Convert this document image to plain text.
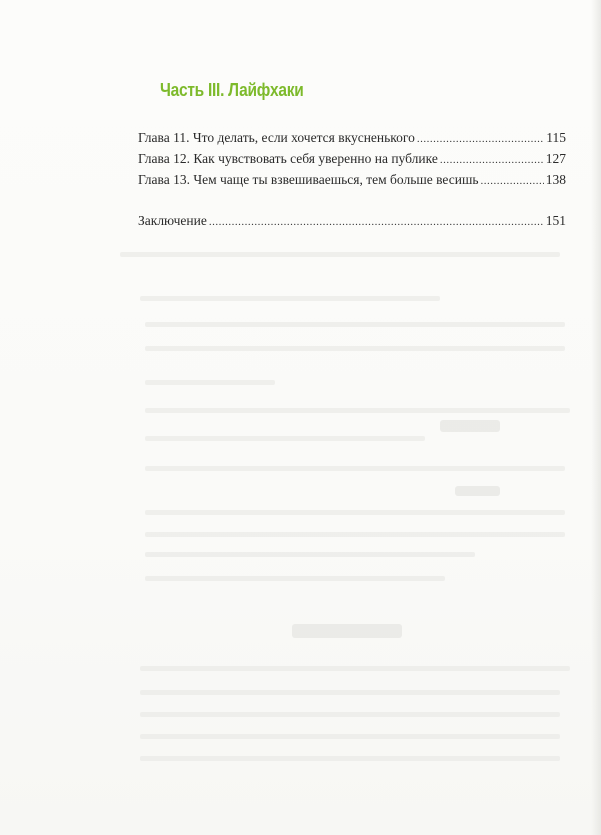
Часть III. Лайфхаки
Глава 11. Что делать, если хочется вкусненького .....	115
Глава 12. Как чувствовать себя уверенно на публике .....	127
Глава 13. Чем чаще ты взвешиваешься, тем больше весишь .....	138
Заключение .....	151
